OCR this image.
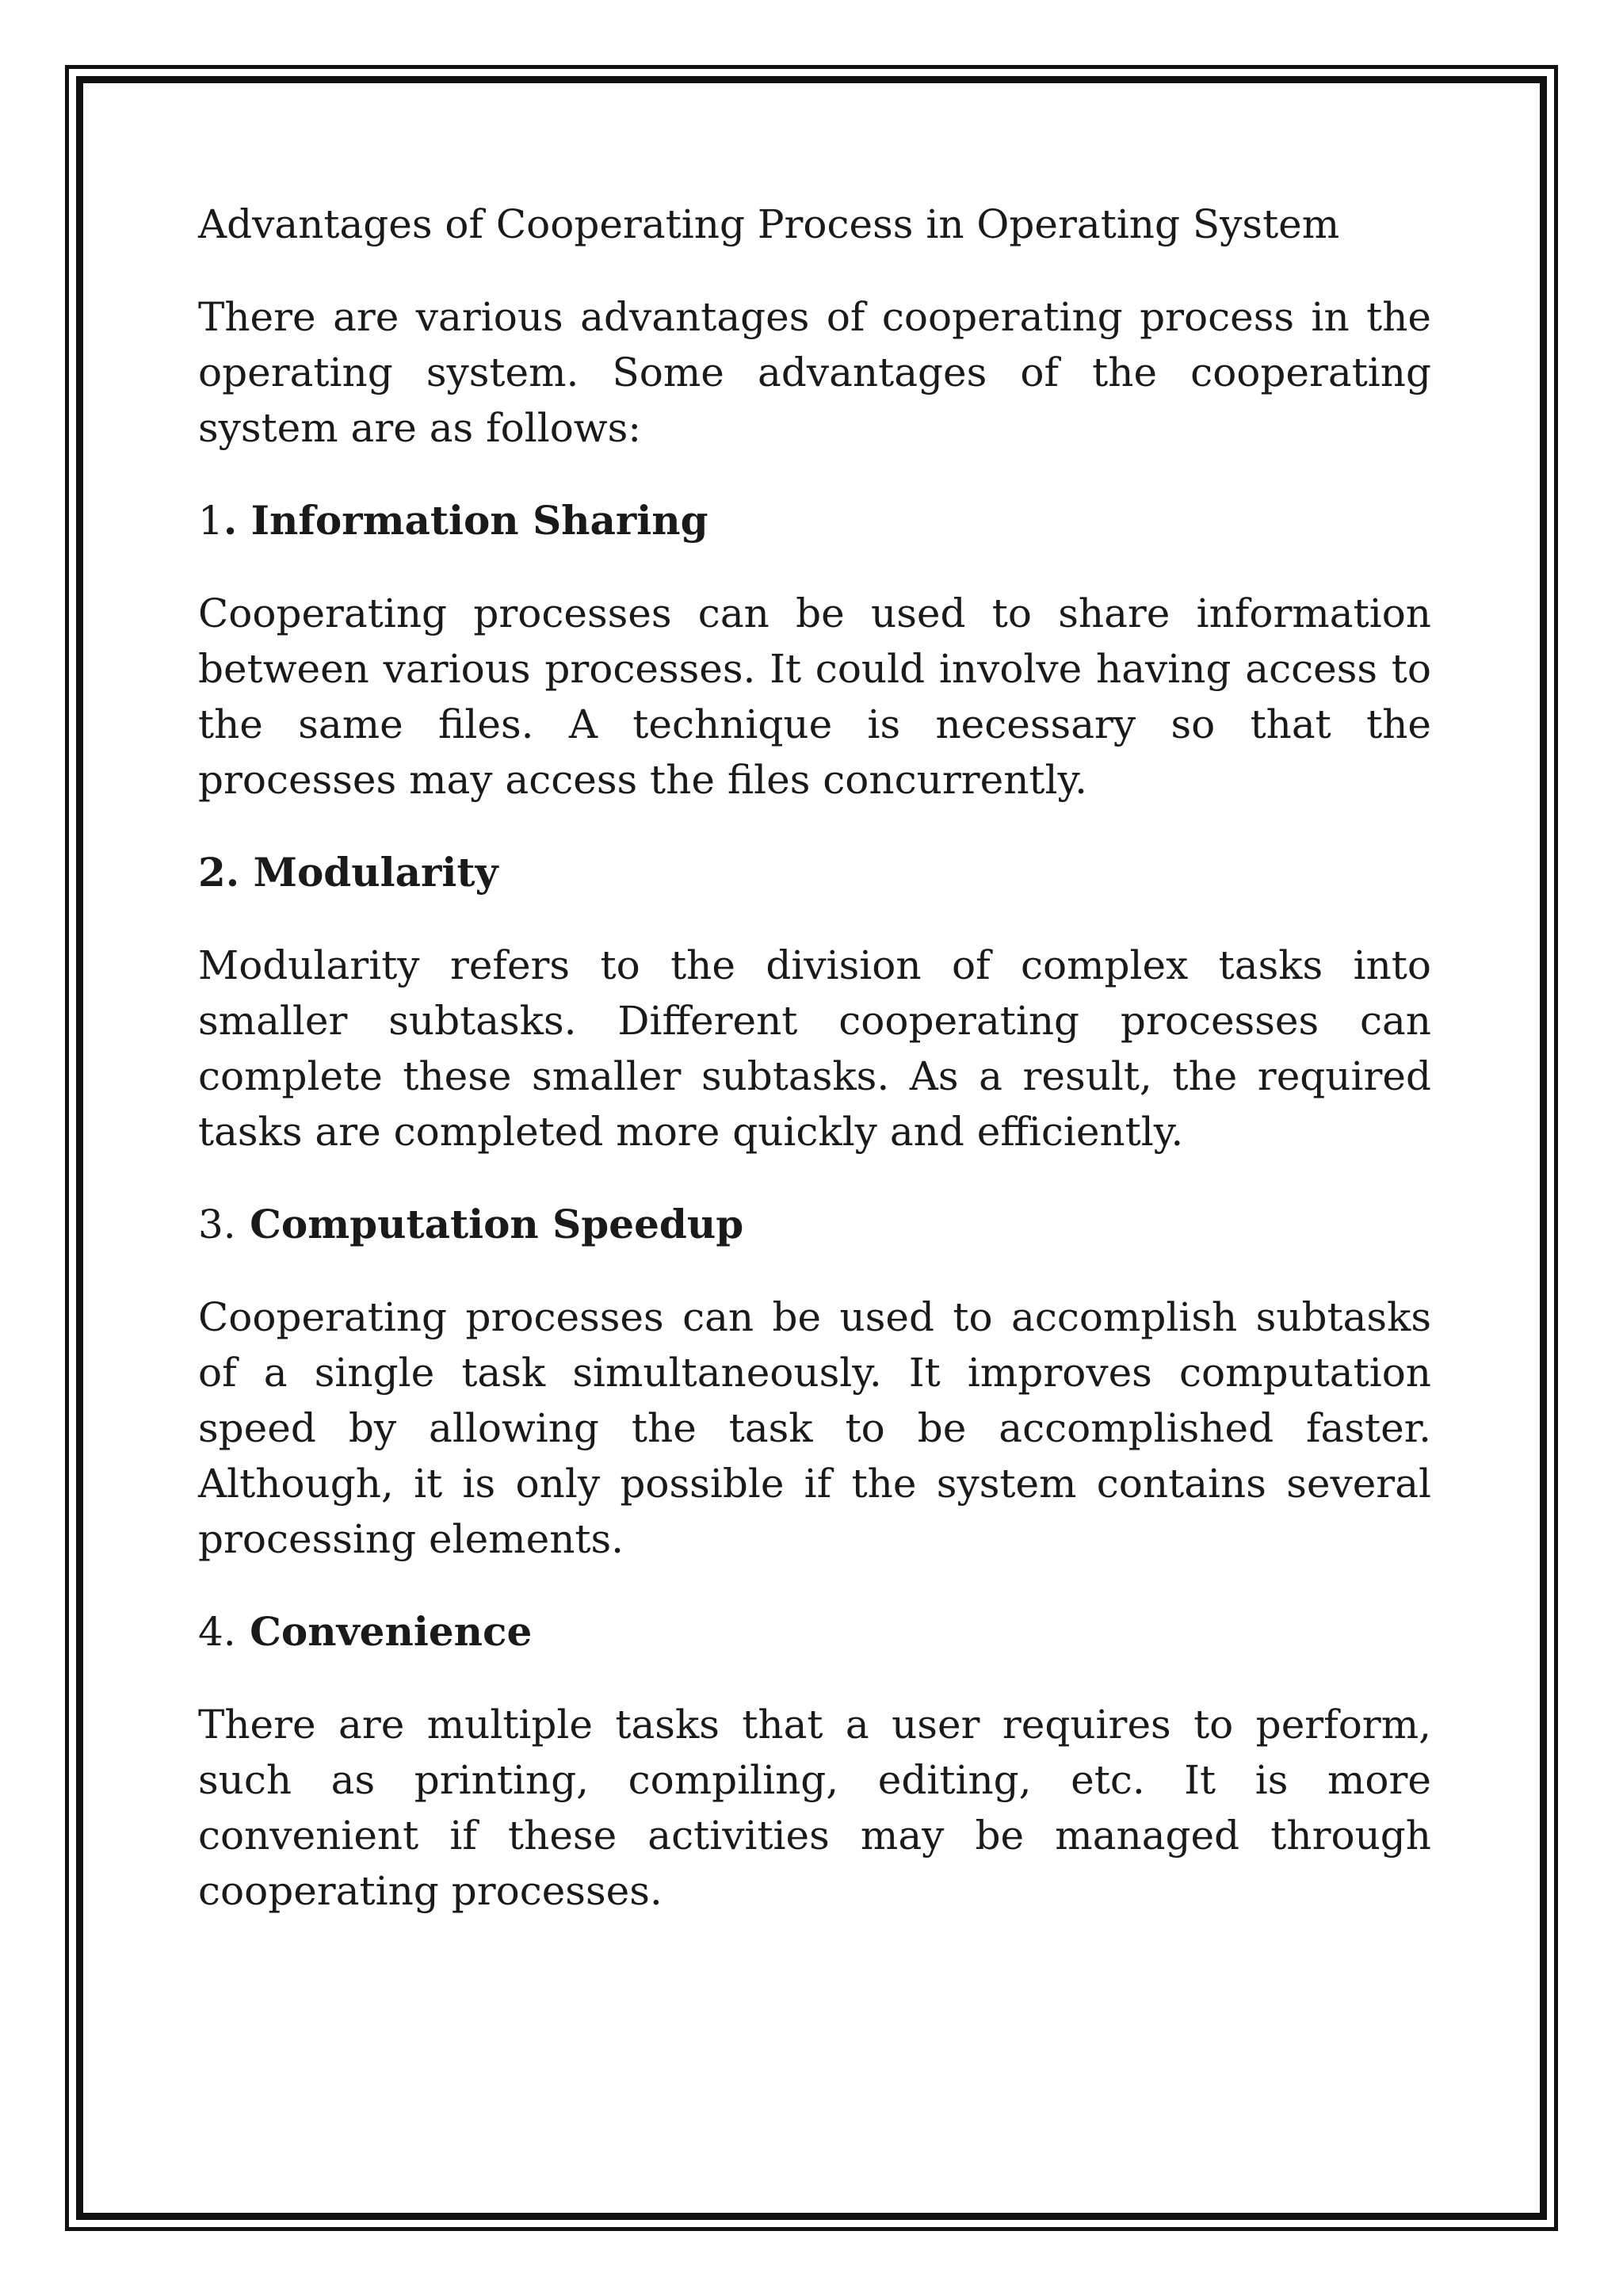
Advantages of Cooperating Process in Operating System

There are various advantages of cooperating process in the operating system. Some advantages of the cooperating system are as follows:

1. Information Sharing

Cooperating processes can be used to share information between various processes. It could involve having access to the same files. A technique is necessary so that the processes may access the files concurrently.

2. Modularity

Modularity refers to the division of complex tasks into smaller subtasks. Different cooperating processes can complete these smaller subtasks. As a result, the required tasks are completed more quickly and efficiently.

3. Computation Speedup

Cooperating processes can be used to accomplish subtasks of a single task simultaneously. It improves computation speed by allowing the task to be accomplished faster. Although, it is only possible if the system contains several processing elements.

4. Convenience

There are multiple tasks that a user requires to perform, such as printing, compiling, editing, etc. It is more convenient if these activities may be managed through cooperating processes.
